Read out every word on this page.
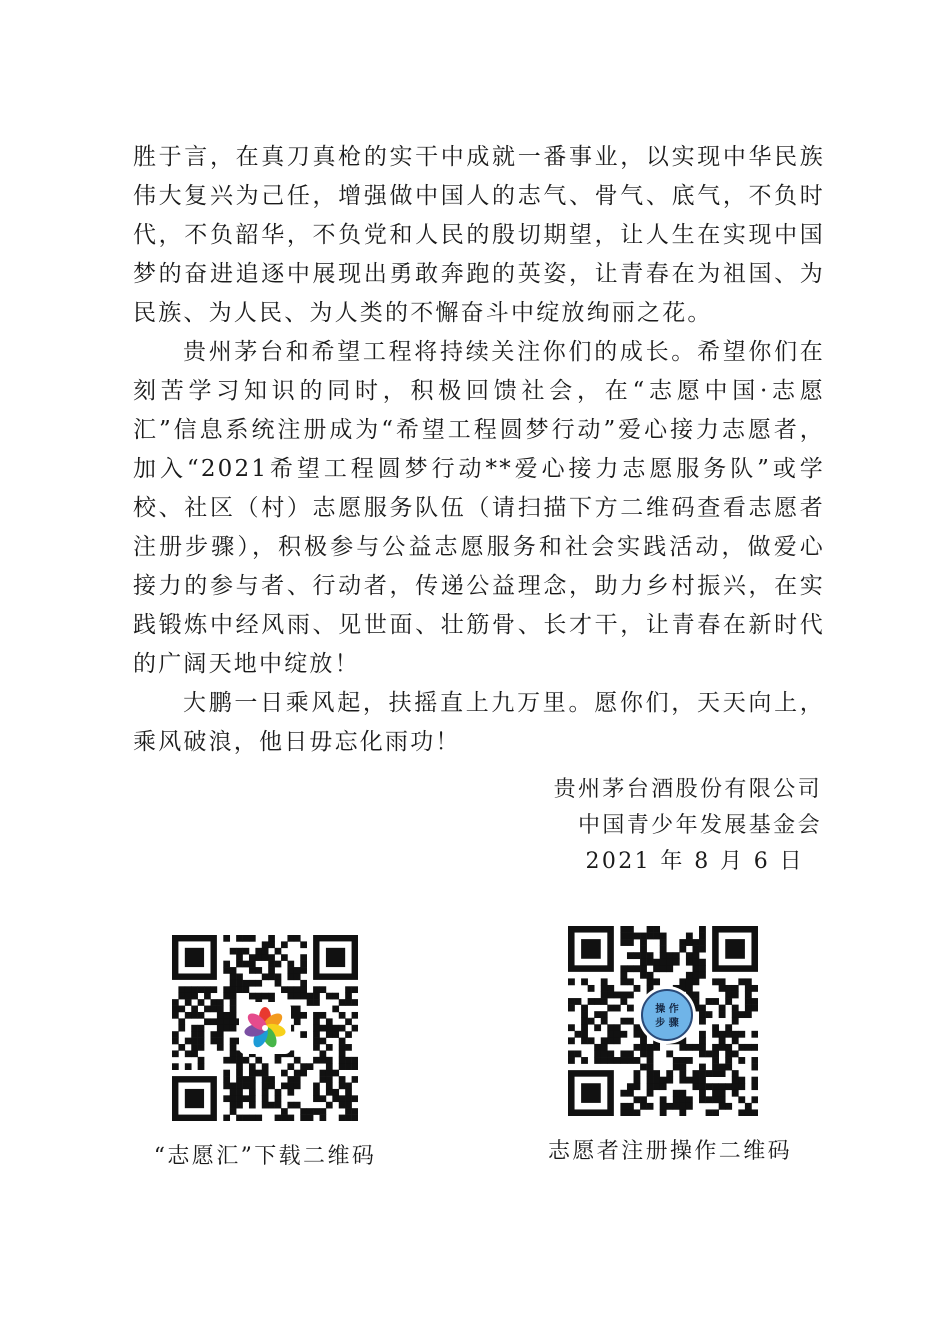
胜于言，在真刀真枪的实干中成就一番事业，以实现中华民族伟大复兴为己任，增强做中国人的志气、骨气、底气，不负时代，不负韶华，不负党和人民的殷切期望，让人生在实现中国梦的奋进追逐中展现出勇敢奔跑的英姿，让青春在为祖国、为民族、为人民、为人类的不懈奋斗中绽放绚丽之花。

贵州茅台和希望工程将持续关注你们的成长。希望你们在刻苦学习知识的同时，积极回馈社会，在“志愿中国·志愿汇”信息系统注册成为“希望工程圆梦行动”爱心接力志愿者，加入“2021希望工程圆梦行动**爱心接力志愿服务队”或学校、社区（村）志愿服务队伍（请扫描下方二维码查看志愿者注册步骤），积极参与公益志愿服务和社会实践活动，做爱心接力的参与者、行动者，传递公益理念，助力乡村振兴，在实践锻炼中经风雨、见世面、壮筋骨、长才干，让青春在新时代的广阔天地中绽放！

大鹏一日乘风起，扶摇直上九万里。愿你们，天天向上，乘风破浪，他日毋忘化雨功！

贵州茅台酒股份有限公司
中国青少年发展基金会
2021 年 8 月 6 日
“志愿汇”下载二维码
操 作
步 骤
志愿者注册操作二维码
